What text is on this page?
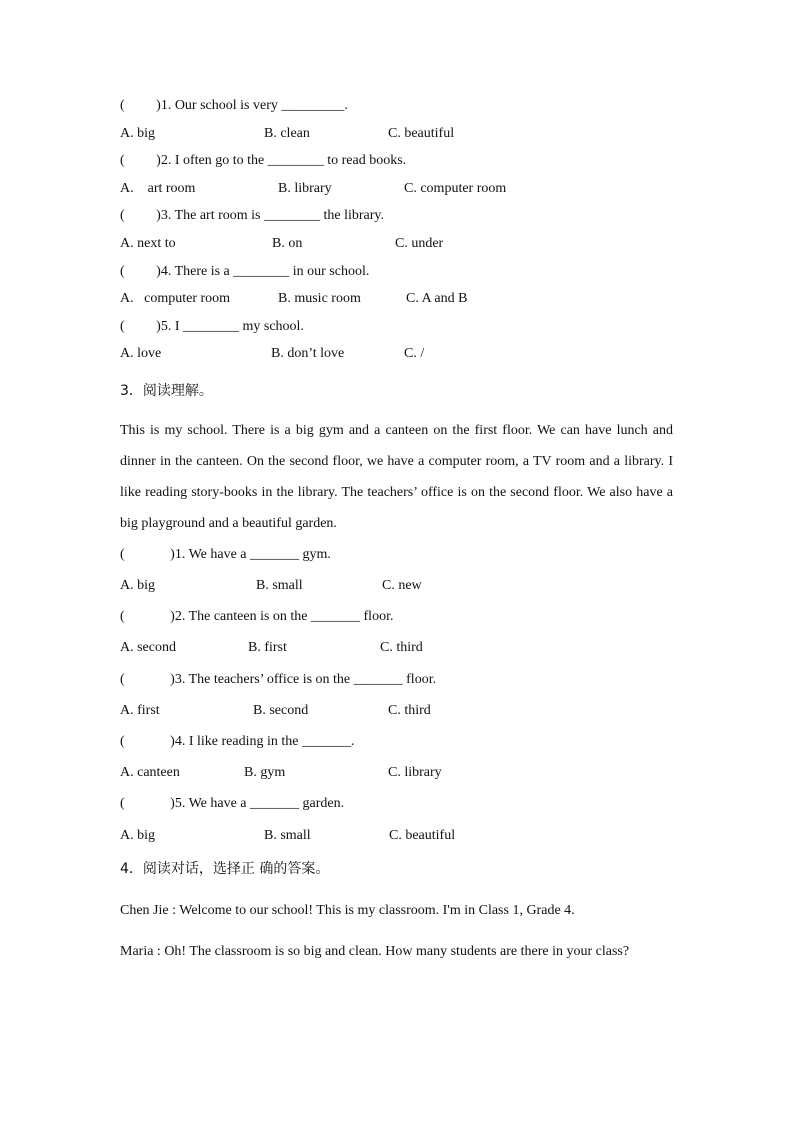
(         )1. Our school is very _________.
A. big	B. clean	C. beautiful
(         )2. I often go to the ________ to read books.
A.    art room	B. library	C. computer room
(         )3. The art room is ________ the library.
A. next to	B. on	C. under
(         )4. There is a ________ in our school.
A.   computer room	B. music room	C. A and B
(         )5. I ________ my school.
A. love	B. don’t love	C. /
3．阅读理解。
This is my school. There is a big gym and a canteen on the first floor. We can have lunch and dinner in the canteen. On the second floor, we have a computer room, a TV room and a library. I like reading story-books in the library. The teachers’ office is on the second floor. We also have a big playground and a beautiful garden.
(             )1. We have a _______ gym.
A. big	B. small	C. new
(             )2. The canteen is on the _______ floor.
A. second	B. first	C. third
(             )3. The teachers’ office is on the _______ floor.
A. first	B. second	C. third
(             )4. I like reading in the _______.
A. canteen	B. gym	C. library
(             )5. We have a _______ garden.
A. big	B. small	C. beautiful
4．阅读对话，选择正 确的答案。
Chen Jie : Welcome to our school! This is my classroom. I'm in Class 1, Grade 4.
Maria : Oh! The classroom is so big and clean. How many students are there in your class?
